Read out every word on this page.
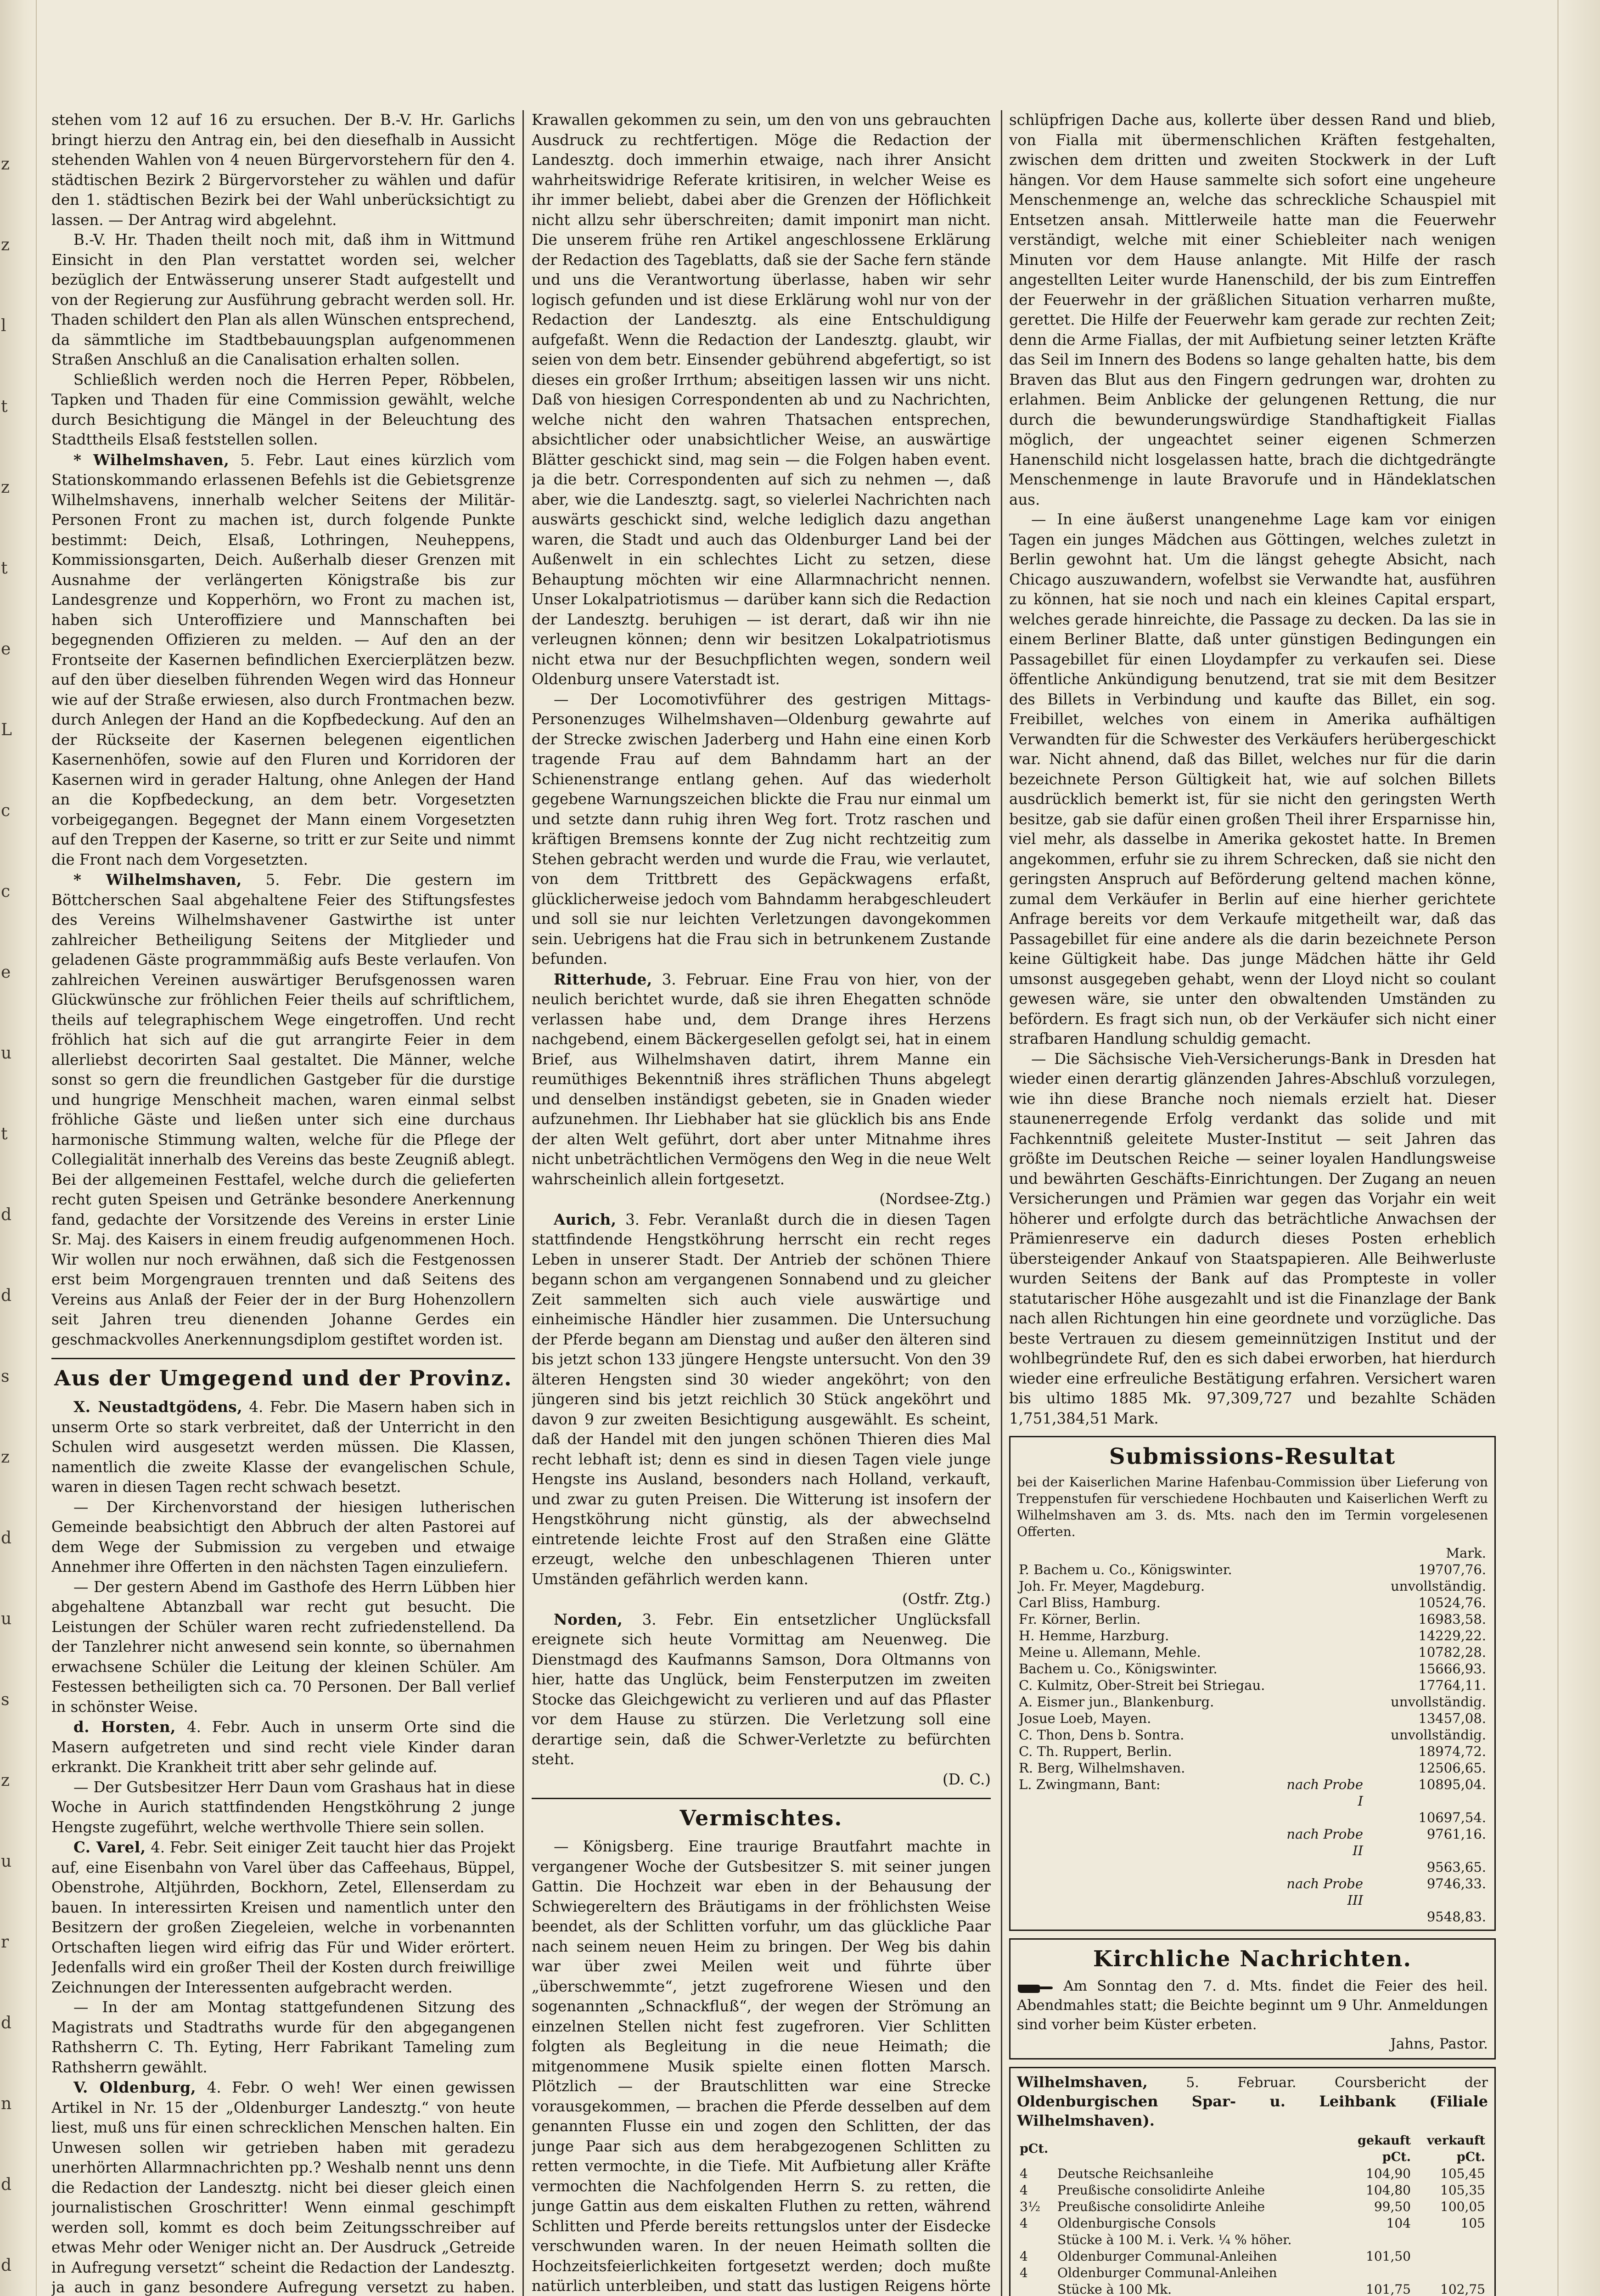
z
z
l
t
z
t
e
L
c
c
e
u
t
d
d
s
z
d
u
s
z
u
r
d
n
d
d

stehen vom 12 auf 16 zu ersuchen. Der B.-V. Hr. Garlichs bringt hierzu den Antrag ein, bei den diesefhalb in Aussicht stehenden Wahlen von 4 neuen Bürgervorstehern für den 4. städtischen Bezirk 2 Bürgervorsteher zu wählen und dafür den 1. städtischen Bezirk bei der Wahl unberücksichtigt zu lassen. — Der Antrag wird abgelehnt.

B.-V. Hr. Thaden theilt noch mit, daß ihm in Wittmund Einsicht in den Plan verstattet worden sei, welcher bezüglich der Entwässerung unserer Stadt aufgestellt und von der Regierung zur Ausführung gebracht werden soll. Hr. Thaden schildert den Plan als allen Wünschen entsprechend, da sämmtliche im Stadtbebauungsplan aufgenommenen Straßen Anschluß an die Canalisation erhalten sollen.

Schließlich werden noch die Herren Peper, Röbbelen, Tapken und Thaden für eine Commission gewählt, welche durch Besichtigung die Mängel in der Beleuchtung des Stadttheils Elsaß feststellen sollen.

* Wilhelmshaven, 5. Febr. Laut eines kürzlich vom Stationskommando erlassenen Befehls ist die Gebietsgrenze Wilhelmshavens, innerhalb welcher Seitens der Militär-Personen Front zu machen ist, durch folgende Punkte bestimmt: Deich, Elsaß, Lothringen, Neuheppens, Kommissionsgarten, Deich. Außerhalb dieser Grenzen mit Ausnahme der verlängerten Königstraße bis zur Landesgrenze und Kopperhörn, wo Front zu machen ist, haben sich Unteroffiziere und Mannschaften bei begegnenden Offizieren zu melden. — Auf den an der Frontseite der Kasernen befindlichen Exercierplätzen bezw. auf den über dieselben führenden Wegen wird das Honneur wie auf der Straße erwiesen, also durch Frontmachen bezw. durch Anlegen der Hand an die Kopfbedeckung. Auf den an der Rückseite der Kasernen belegenen eigentlichen Kasernenhöfen, sowie auf den Fluren und Korridoren der Kasernen wird in gerader Haltung, ohne Anlegen der Hand an die Kopfbedeckung, an dem betr. Vorgesetzten vorbeigegangen. Begegnet der Mann einem Vorgesetzten auf den Treppen der Kaserne, so tritt er zur Seite und nimmt die Front nach dem Vorgesetzten.

* Wilhelmshaven, 5. Febr. Die gestern im Böttcherschen Saal abgehaltene Feier des Stiftungsfestes des Vereins Wilhelmshavener Gastwirthe ist unter zahlreicher Betheiligung Seitens der Mitglieder und geladenen Gäste programmmäßig aufs Beste verlaufen. Von zahlreichen Vereinen auswärtiger Berufsgenossen waren Glückwünsche zur fröhlichen Feier theils auf schriftlichem, theils auf telegraphischem Wege eingetroffen. Und recht fröhlich hat sich auf die gut arrangirte Feier in dem allerliebst decorirten Saal gestaltet. Die Männer, welche sonst so gern die freundlichen Gastgeber für die durstige und hungrige Menschheit machen, waren einmal selbst fröhliche Gäste und ließen unter sich eine durchaus harmonische Stimmung walten, welche für die Pflege der Collegialität innerhalb des Vereins das beste Zeugniß ablegt. Bei der allgemeinen Festtafel, welche durch die gelieferten recht guten Speisen und Getränke besondere Anerkennung fand, gedachte der Vorsitzende des Vereins in erster Linie Sr. Maj. des Kaisers in einem freudig aufgenommenen Hoch. Wir wollen nur noch erwähnen, daß sich die Festgenossen erst beim Morgengrauen trennten und daß Seitens des Vereins aus Anlaß der Feier der in der Burg Hohenzollern seit Jahren treu dienenden Johanne Gerdes ein geschmackvolles Anerkennungsdiplom gestiftet worden ist.

Aus der Umgegend und der Provinz.

X. Neustadtgödens, 4. Febr. Die Masern haben sich in unserm Orte so stark verbreitet, daß der Unterricht in den Schulen wird ausgesetzt werden müssen. Die Klassen, namentlich die zweite Klasse der evangelischen Schule, waren in diesen Tagen recht schwach besetzt.

— Der Kirchenvorstand der hiesigen lutherischen Gemeinde beabsichtigt den Abbruch der alten Pastorei auf dem Wege der Submission zu vergeben und etwaige Annehmer ihre Offerten in den nächsten Tagen einzuliefern.

— Der gestern Abend im Gasthofe des Herrn Lübben hier abgehaltene Abtanzball war recht gut besucht. Die Leistungen der Schüler waren recht zufriedenstellend. Da der Tanzlehrer nicht anwesend sein konnte, so übernahmen erwachsene Schüler die Leitung der kleinen Schüler. Am Festessen betheiligten sich ca. 70 Personen. Der Ball verlief in schönster Weise.

d. Horsten, 4. Febr. Auch in unserm Orte sind die Masern aufgetreten und sind recht viele Kinder daran erkrankt. Die Krankheit tritt aber sehr gelinde auf.

— Der Gutsbesitzer Herr Daun vom Grashaus hat in diese Woche in Aurich stattfindenden Hengstköhrung 2 junge Hengste zugeführt, welche werthvolle Thiere sein sollen.

C. Varel, 4. Febr. Seit einiger Zeit taucht hier das Projekt auf, eine Eisenbahn von Varel über das Caffeehaus, Büppel, Obenstrohe, Altjührden, Bockhorn, Zetel, Ellenserdam zu bauen. In interessirten Kreisen und namentlich unter den Besitzern der großen Ziegeleien, welche in vorbenannten Ortschaften liegen wird eifrig das Für und Wider erörtert. Jedenfalls wird ein großer Theil der Kosten durch freiwillige Zeichnungen der Interessenten aufgebracht werden.

— In der am Montag stattgefundenen Sitzung des Magistrats und Stadtraths wurde für den abgegangenen Rathsherrn C. Th. Eyting, Herr Fabrikant Tameling zum Rathsherrn gewählt.

V. Oldenburg, 4. Febr. O weh! Wer einen gewissen Artikel in Nr. 15 der „Oldenburger Landesztg.“ von heute liest, muß uns für einen schrecklichen Menschen halten. Ein Unwesen sollen wir getrieben haben mit geradezu unerhörten Allarmnachrichten pp.? Weshalb nennt uns denn die Redaction der Landesztg. nicht bei dieser gleich einen journalistischen Groschritter! Wenn einmal geschimpft werden soll, kommt es doch beim Zeitungsschreiber auf etwas Mehr oder Weniger nicht an. Der Ausdruck „Getreide in Aufregung versetzt“ scheint die Redaction der Landesztg. ja auch in ganz besondere Aufregung versetzt zu haben.

Krawallen gekommen zu sein, um den von uns gebrauchten Ausdruck zu rechtfertigen. Möge die Redaction der Landesztg. doch immerhin etwaige, nach ihrer Ansicht wahrheitswidrige Referate kritisiren, in welcher Weise es ihr immer beliebt, dabei aber die Grenzen der Höflichkeit nicht allzu sehr überschreiten; damit imponirt man nicht. Die unserem frühe ren Artikel angeschlossene Erklärung der Redaction des Tageblatts, daß sie der Sache fern stände und uns die Verantwortung überlasse, haben wir sehr logisch gefunden und ist diese Erklärung wohl nur von der Redaction der Landesztg. als eine Entschuldigung aufgefaßt. Wenn die Redaction der Landesztg. glaubt, wir seien von dem betr. Einsender gebührend abgefertigt, so ist dieses ein großer Irrthum; abseitigen lassen wir uns nicht. Daß von hiesigen Correspondenten ab und zu Nachrichten, welche nicht den wahren Thatsachen entsprechen, absichtlicher oder unabsichtlicher Weise, an auswärtige Blätter geschickt sind, mag sein — die Folgen haben event. ja die betr. Correspondenten auf sich zu nehmen —, daß aber, wie die Landesztg. sagt, so vielerlei Nachrichten nach auswärts geschickt sind, welche lediglich dazu angethan waren, die Stadt und auch das Oldenburger Land bei der Außenwelt in ein schlechtes Licht zu setzen, diese Behauptung möchten wir eine Allarmnachricht nennen. Unser Lokalpatriotismus — darüber kann sich die Redaction der Landesztg. beruhigen — ist derart, daß wir ihn nie verleugnen können; denn wir besitzen Lokalpatriotismus nicht etwa nur der Besuchpflichten wegen, sondern weil Oldenburg unsere Vaterstadt ist.

— Der Locomotivführer des gestrigen Mittags-Personenzuges Wilhelmshaven—Oldenburg gewahrte auf der Strecke zwischen Jaderberg und Hahn eine einen Korb tragende Frau auf dem Bahndamm hart an der Schienenstrange entlang gehen. Auf das wiederholt gegebene Warnungszeichen blickte die Frau nur einmal um und setzte dann ruhig ihren Weg fort. Trotz raschen und kräftigen Bremsens konnte der Zug nicht rechtzeitig zum Stehen gebracht werden und wurde die Frau, wie verlautet, von dem Trittbrett des Gepäckwagens erfaßt, glücklicherweise jedoch vom Bahndamm herabgeschleudert und soll sie nur leichten Verletzungen davongekommen sein. Uebrigens hat die Frau sich in betrunkenem Zustande befunden.

Ritterhude, 3. Februar. Eine Frau von hier, von der neulich berichtet wurde, daß sie ihren Ehegatten schnöde verlassen habe und, dem Drange ihres Herzens nachgebend, einem Bäckergesellen gefolgt sei, hat in einem Brief, aus Wilhelmshaven datirt, ihrem Manne ein reumüthiges Bekenntniß ihres sträflichen Thuns abgelegt und denselben inständigst gebeten, sie in Gnaden wieder aufzunehmen. Ihr Liebhaber hat sie glücklich bis ans Ende der alten Welt geführt, dort aber unter Mitnahme ihres nicht unbeträchtlichen Vermögens den Weg in die neue Welt wahrscheinlich allein fortgesetzt.

(Nordsee-Ztg.)

Aurich, 3. Febr. Veranlaßt durch die in diesen Tagen stattfindende Hengstköhrung herrscht ein recht reges Leben in unserer Stadt. Der Antrieb der schönen Thiere begann schon am vergangenen Sonnabend und zu gleicher Zeit sammelten sich auch viele auswärtige und einheimische Händler hier zusammen. Die Untersuchung der Pferde begann am Dienstag und außer den älteren sind bis jetzt schon 133 jüngere Hengste untersucht. Von den 39 älteren Hengsten sind 30 wieder angeköhrt; von den jüngeren sind bis jetzt reichlich 30 Stück angeköhrt und davon 9 zur zweiten Besichtigung ausgewählt. Es scheint, daß der Handel mit den jungen schönen Thieren dies Mal recht lebhaft ist; denn es sind in diesen Tagen viele junge Hengste ins Ausland, besonders nach Holland, verkauft, und zwar zu guten Preisen. Die Witterung ist insofern der Hengstköhrung nicht günstig, als der abwechselnd eintretende leichte Frost auf den Straßen eine Glätte erzeugt, welche den unbeschlagenen Thieren unter Umständen gefährlich werden kann.

(Ostfr. Ztg.)

Norden, 3. Febr. Ein entsetzlicher Unglücksfall ereignete sich heute Vormittag am Neuenweg. Die Dienstmagd des Kaufmanns Samson, Dora Oltmanns von hier, hatte das Unglück, beim Fensterputzen im zweiten Stocke das Gleichgewicht zu verlieren und auf das Pflaster vor dem Hause zu stürzen. Die Verletzung soll eine derartige sein, daß die Schwer-Verletzte zu befürchten steht.

(D. C.)

Vermischtes.

— Königsberg. Eine traurige Brautfahrt machte in vergangener Woche der Gutsbesitzer S. mit seiner jungen Gattin. Die Hochzeit war eben in der Behausung der Schwiegereltern des Bräutigams in der fröhlichsten Weise beendet, als der Schlitten vorfuhr, um das glückliche Paar nach seinem neuen Heim zu bringen. Der Weg bis dahin war über zwei Meilen weit und führte über „überschwemmte“, jetzt zugefrorene Wiesen und den sogenannten „Schnackfluß“, der wegen der Strömung an einzelnen Stellen nicht fest zugefroren. Vier Schlitten folgten als Begleitung in die neue Heimath; die mitgenommene Musik spielte einen flotten Marsch. Plötzlich — der Brautschlitten war eine Strecke vorausgekommen, — brachen die Pferde desselben auf dem genannten Flusse ein und zogen den Schlitten, der das junge Paar sich aus dem herabgezogenen Schlitten zu retten vermochte, in die Tiefe. Mit Aufbietung aller Kräfte vermochten die Nachfolgenden Herrn S. zu retten, die junge Gattin aus dem eiskalten Fluthen zu retten, während Schlitten und Pferde bereits rettungslos unter der Eisdecke verschwunden waren. In der neuen Heimath sollten die Hochzeitsfeierlichkeiten fortgesetzt werden; doch mußte natürlich unterbleiben, und statt das lustigen Reigens hörte

schlüpfrigen Dache aus, kollerte über dessen Rand und blieb, von Fialla mit übermenschlichen Kräften festgehalten, zwischen dem dritten und zweiten Stockwerk in der Luft hängen. Vor dem Hause sammelte sich sofort eine ungeheure Menschenmenge an, welche das schreckliche Schauspiel mit Entsetzen ansah. Mittlerweile hatte man die Feuerwehr verständigt, welche mit einer Schiebleiter nach wenigen Minuten vor dem Hause anlangte. Mit Hilfe der rasch angestellten Leiter wurde Hanenschild, der bis zum Eintreffen der Feuerwehr in der gräßlichen Situation verharren mußte, gerettet. Die Hilfe der Feuerwehr kam gerade zur rechten Zeit; denn die Arme Fiallas, der mit Aufbietung seiner letzten Kräfte das Seil im Innern des Bodens so lange gehalten hatte, bis dem Braven das Blut aus den Fingern gedrungen war, drohten zu erlahmen. Beim Anblicke der gelungenen Rettung, die nur durch die bewunderungswürdige Standhaftigkeit Fiallas möglich, der ungeachtet seiner eigenen Schmerzen Hanenschild nicht losgelassen hatte, brach die dichtgedrängte Menschenmenge in laute Bravorufe und in Händeklatschen aus.

— In eine äußerst unangenehme Lage kam vor einigen Tagen ein junges Mädchen aus Göttingen, welches zuletzt in Berlin gewohnt hat. Um die längst gehegte Absicht, nach Chicago auszuwandern, wofelbst sie Verwandte hat, ausführen zu können, hat sie noch und nach ein kleines Capital erspart, welches gerade hinreichte, die Passage zu decken. Da las sie in einem Berliner Blatte, daß unter günstigen Bedingungen ein Passagebillet für einen Lloydampfer zu verkaufen sei. Diese öffentliche Ankündigung benutzend, trat sie mit dem Besitzer des Billets in Verbindung und kaufte das Billet, ein sog. Freibillet, welches von einem in Amerika aufhältigen Verwandten für die Schwester des Verkäufers herübergeschickt war. Nicht ahnend, daß das Billet, welches nur für die darin bezeichnete Person Gültigkeit hat, wie auf solchen Billets ausdrücklich bemerkt ist, für sie nicht den geringsten Werth besitze, gab sie dafür einen großen Theil ihrer Ersparnisse hin, viel mehr, als dasselbe in Amerika gekostet hatte. In Bremen angekommen, erfuhr sie zu ihrem Schrecken, daß sie nicht den geringsten Anspruch auf Beförderung geltend machen könne, zumal dem Verkäufer in Berlin auf eine hierher gerichtete Anfrage bereits vor dem Verkaufe mitgetheilt war, daß das Passagebillet für eine andere als die darin bezeichnete Person keine Gültigkeit habe. Das junge Mädchen hätte ihr Geld umsonst ausgegeben gehabt, wenn der Lloyd nicht so coulant gewesen wäre, sie unter den obwaltenden Umständen zu befördern. Es fragt sich nun, ob der Verkäufer sich nicht einer strafbaren Handlung schuldig gemacht.

— Die Sächsische Vieh-Versicherungs-Bank in Dresden hat wieder einen derartig glänzenden Jahres-Abschluß vorzulegen, wie ihn diese Branche noch niemals erzielt hat. Dieser staunenerregende Erfolg verdankt das solide und mit Fachkenntniß geleitete Muster-Institut — seit Jahren das größte im Deutschen Reiche — seiner loyalen Handlungsweise und bewährten Geschäfts-Einrichtungen. Der Zugang an neuen Versicherungen und Prämien war gegen das Vorjahr ein weit höherer und erfolgte durch das beträchtliche Anwachsen der Prämienreserve ein dadurch dieses Posten erheblich übersteigender Ankauf von Staatspapieren. Alle Beihwerluste wurden Seitens der Bank auf das Prompteste in voller statutarischer Höhe ausgezahlt und ist die Finanzlage der Bank nach allen Richtungen hin eine geordnete und vorzügliche. Das beste Vertrauen zu diesem gemeinnützigen Institut und der wohlbegründete Ruf, den es sich dabei erworben, hat hierdurch wieder eine erfreuliche Bestätigung erfahren. Versichert waren bis ultimo 1885 Mk. 97,309,727 und bezahlte Schäden 1,751,384,51 Mark.

Submissions-Resultat
bei der Kaiserlichen Marine Hafenbau-Commission über Lieferung von Treppenstufen für verschiedene Hochbauten und Kaiserlichen Werft zu Wilhelmshaven am 3. ds. Mts. nach den im Termin vorgelesenen Offerten.
		Mark.
P. Bachem u. Co., Königswinter.		19707,76.
Joh. Fr. Meyer, Magdeburg.		unvollständig.
Carl Bliss, Hamburg.		10524,76.
Fr. Körner, Berlin.		16983,58.
H. Hemme, Harzburg.		14229,22.
Meine u. Allemann, Mehle.		10782,28.
Bachem u. Co., Königswinter.		15666,93.
C. Kulmitz, Ober-Streit bei Striegau.		17764,11.
A. Eismer jun., Blankenburg.		unvollständig.
Josue Loeb, Mayen.		13457,08.
C. Thon, Dens b. Sontra.		unvollständig.
C. Th. Ruppert, Berlin.		18974,72.
R. Berg, Wilhelmshaven.		12506,65.
L. Zwingmann, Bant:	nach Probe I	10895,04.
		10697,54.
	nach Probe II	9761,16.
		9563,65.
	nach Probe III	9746,33.
		9548,83.
Kirchliche Nachrichten.
Am Sonntag den 7. d. Mts. findet die Feier des heil. Abendmahles statt; die Beichte beginnt um 9 Uhr. Anmeldungen sind vorher beim Küster erbeten.
Jahns, Pastor.
Wilhelmshaven, 5. Februar. Coursbericht der Oldenburgischen Spar- u. Leihbank (Filiale Wilhelmshaven).
pCt.		gekauft pCt.	verkauft pCt.
4	Deutsche Reichsanleihe	104,90	105,45
4	Preußische consolidirte Anleihe	104,80	105,35
3½	Preußische consolidirte Anleihe	99,50	100,05
4	Oldenburgische Consols	104	105
	Stücke à 100 M. i. Verk. ¼ % höher.		
4	Oldenburger Communal-Anleihen	101,50	
4	Oldenburger Communal-Anleihen		
	Stücke à 100 Mk.	101,75	102,75
